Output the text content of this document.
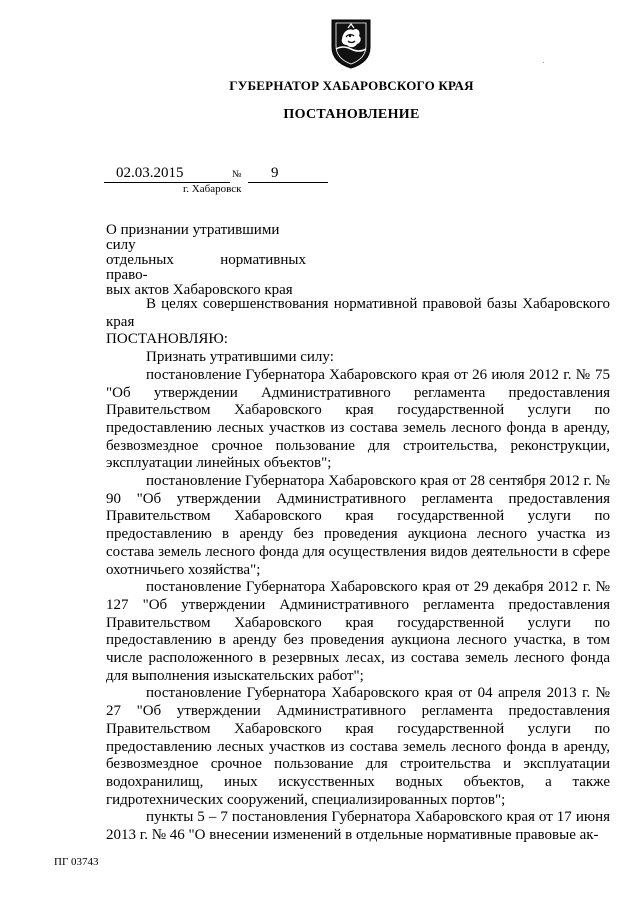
·
ГУБЕРНАТОР ХАБАРОВСКОГО КРАЯ
ПОСТАНОВЛЕНИЕ
02.03.2015	№ 9
г. Хабаровск
О признании утратившими силу
отдельных нормативных право-
вых актов Хабаровского края

В целях совершенствования нормативной правовой базы Хабаровского края

ПОСТАНОВЛЯЮ:

Признать утратившими силу:

постановление Губернатора Хабаровского края от 26 июля 2012 г. № 75 "Об утверждении Административного регламента предоставления Правительством Хабаровского края государственной услуги по предоставлению лесных участков из состава земель лесного фонда в аренду, безвозмездное срочное пользование для строительства, реконструкции, эксплуатации линейных объектов";

постановление Губернатора Хабаровского края от 28 сентября 2012 г. № 90 "Об утверждении Административного регламента предоставления Правительством Хабаровского края государственной услуги по предоставлению в аренду без проведения аукциона лесного участка из состава земель лесного фонда для осуществления видов деятельности в сфере охотничьего хозяйства";

постановление Губернатора Хабаровского края от 29 декабря 2012 г. № 127 "Об утверждении Административного регламента предоставления Правительством Хабаровского края государственной услуги по предоставлению в аренду без проведения аукциона лесного участка, в том числе расположенного в резервных лесах, из состава земель лесного фонда для выполнения изыскательских работ";

постановление Губернатора Хабаровского края от 04 апреля 2013 г. № 27 "Об утверждении Административного регламента предоставления Правительством Хабаровского края государственной услуги по предоставлению лесных участков из состава земель лесного фонда в аренду, безвозмездное срочное пользование для строительства и эксплуатации водохранилищ, иных искусственных водных объектов, а также гидротехнических сооружений, специализированных портов";

пункты 5 – 7 постановления Губернатора Хабаровского края от 17 июня 2013 г. № 46 "О внесении изменений в отдельные нормативные правовые ак-

ПГ 03743
